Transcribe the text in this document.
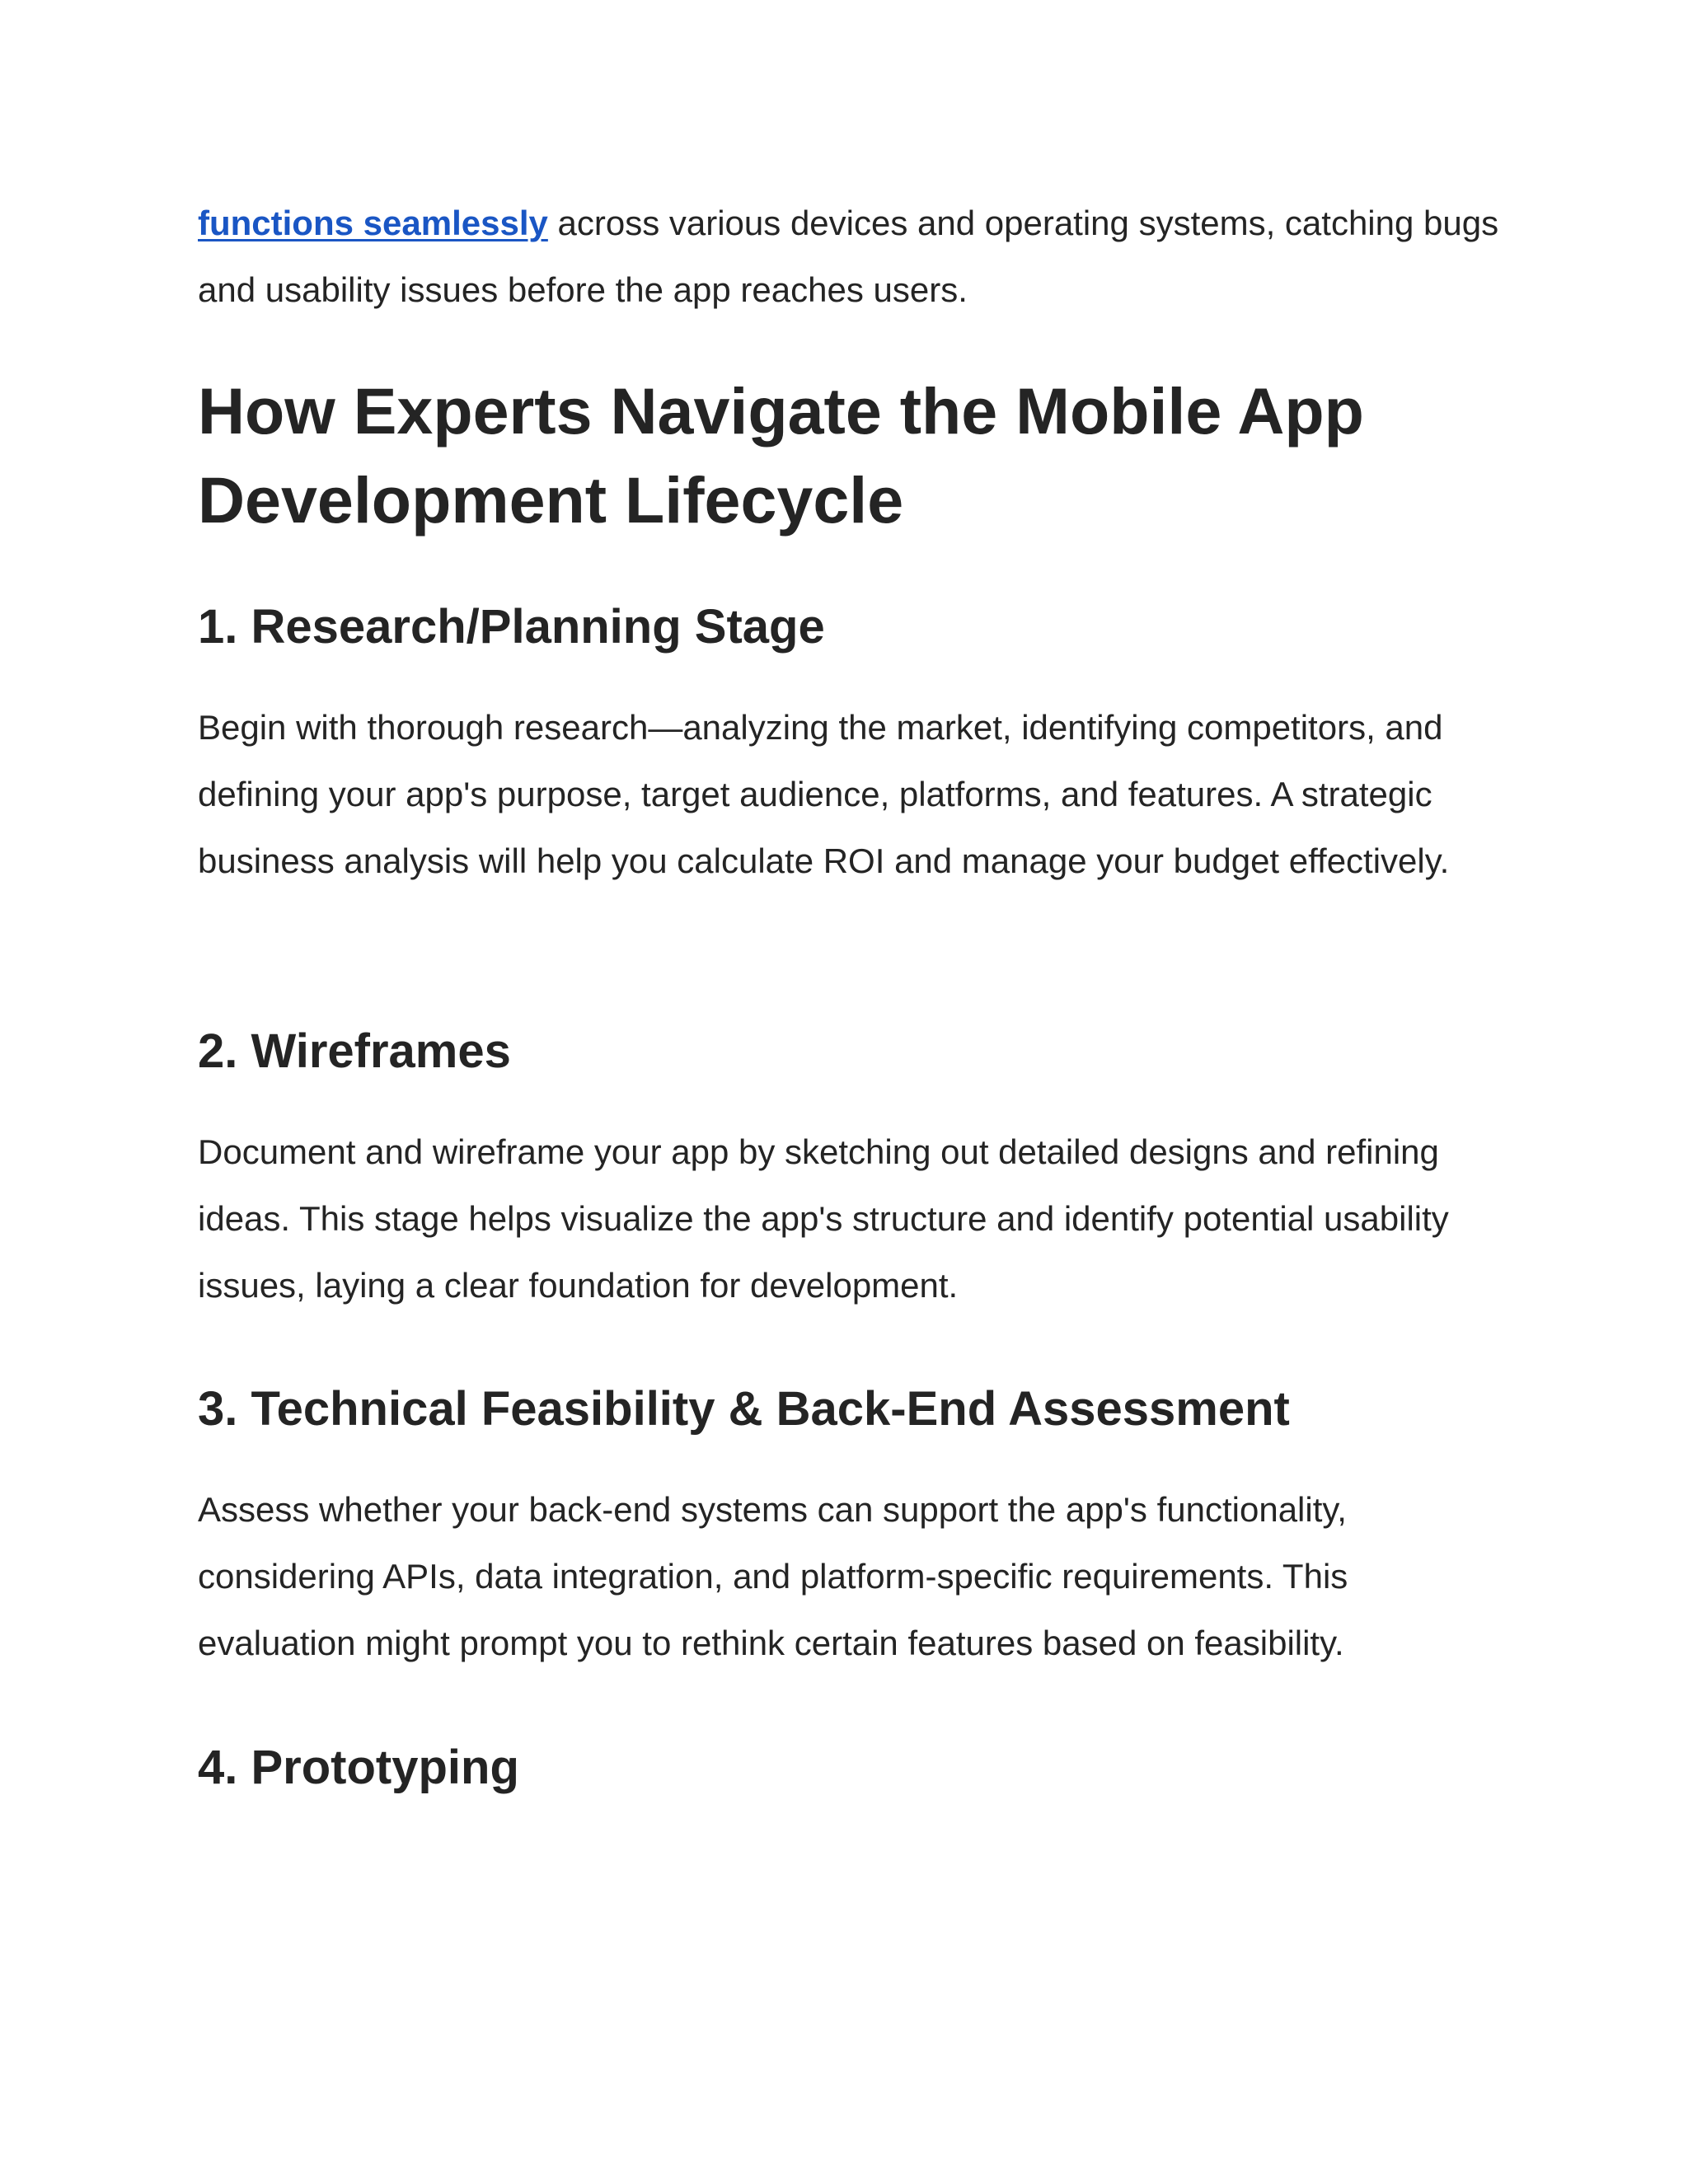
functions seamlessly across various devices and operating systems, catching bugs and usability issues before the app reaches users.

How Experts Navigate the Mobile App Development Lifecycle
1. Research/Planning Stage

Begin with thorough research—analyzing the market, identifying competitors, and defining your app's purpose, target audience, platforms, and features. A strategic business analysis will help you calculate ROI and manage your budget effectively.

2. Wireframes

Document and wireframe your app by sketching out detailed designs and refining ideas. This stage helps visualize the app's structure and identify potential usability issues, laying a clear foundation for development.

3. Technical Feasibility & Back-End Assessment

Assess whether your back-end systems can support the app's functionality, considering APIs, data integration, and platform-specific requirements. This evaluation might prompt you to rethink certain features based on feasibility.

4. Prototyping
